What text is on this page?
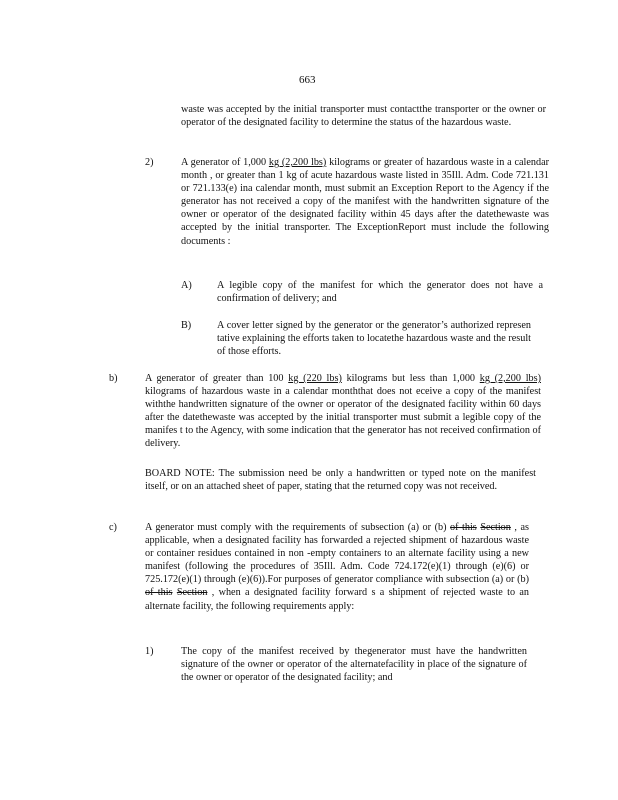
663
waste was accepted by the initial transporter must contactthe transporter or the owner or operator of the designated facility to determine the status of the hazardous waste.
2)	A generator of 1,000 kg (2,200 lbs) kilograms or greater of hazardous waste in a calendar month , or greater than 1 kg of acute hazardous waste listed in 35Ill. Adm. Code 721.131 or 721.133(e) ina calendar month, must submit an Exception Report to the Agency if the generator has not received a copy of the manifest with the handwritten signature of the owner or operator of the designated facility within 45 days after the datethewaste was accepted by the initial transporter. The ExceptionReport must include the following documents :
A) A legible copy of the manifest for which the generator does not have a confirmation of delivery; and
B)	A cover letter signed by the generator or the generator’s authorized represen tative explaining the efforts taken to locatethe hazardous waste and the result of those efforts.
b)	A generator of greater than 100 kg (220 lbs) kilograms but less than 1,000 kg (2,200 lbs) kilograms of hazardous waste in a calendar monththat does not eceive a copy of the manifest withthe handwritten signature of the owner or operator of the designated facility within 60 days after the datethewaste was accepted by the initial transporter must submit a legible copy of the manifes t to the Agency, with some indication that the generator has not received confirmation of delivery.
BOARD NOTE: The submission need be only a handwritten or typed note on the manifest itself, or on an attached sheet of paper, stating that the returned copy was not received.
c)	A generator must comply with the requirements of subsection (a) or (b) of this Section , as applicable, when a designated facility has forwarded a rejected shipment of hazardous waste or container residues contained in non -empty containers to an alternate facility using a new manifest (following the procedures of 35Ill. Adm. Code 724.172(e)(1) through (e)(6) or 725.172(e)(1) through (e)(6)).For purposes of generator compliance with subsection (a) or (b) of this Section , when a designated facility forward s a shipment of rejected waste to an alternate facility, the following requirements apply:
1)	The copy of the manifest received by thegenerator must have the handwritten signature of the owner or operator of the alternatefacility in place of the signature of the owner or operator of the designated facility; and
